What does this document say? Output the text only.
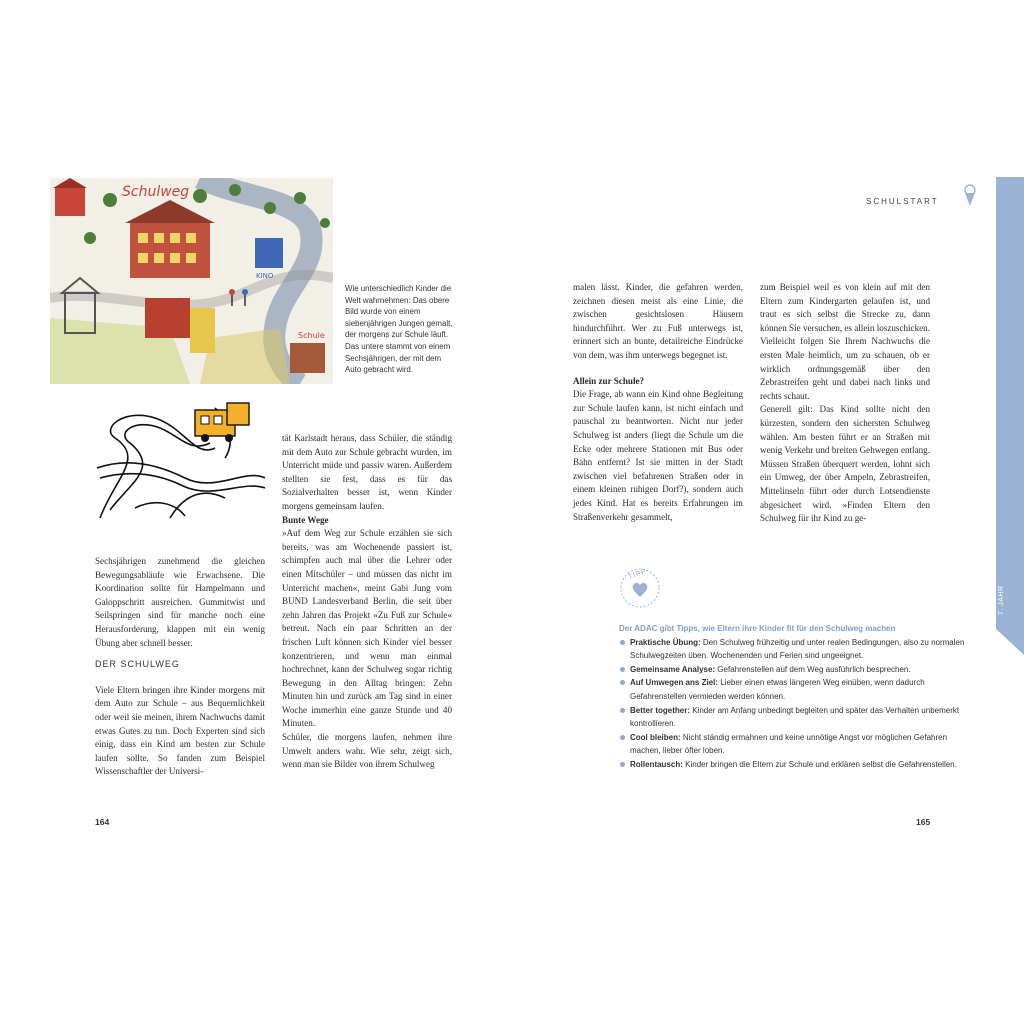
Schulweg
KINO
Schule
Wie unterschiedlich Kinder die Welt wahrnehmen: Das obere Bild wurde von einem siebenjährigen Jungen gemalt, der morgens zur Schule läuft. Das untere stammt von einem Sechsjährigen, der mit dem Auto gebracht wird.

Sechsjährigen zunehmend die gleichen Bewegungsabläufe wie Erwachsene. Die Koordination sollte für Hampelmann und Galoppschritt ausreichen. Gummitwist und Seilspringen sind für manche noch eine Herausforderung, klappen mit ein wenig Übung aber schnell besser.

DER SCHULWEG

Viele Eltern bringen ihre Kinder morgens mit dem Auto zur Schule – aus Bequemlichkeit oder weil sie meinen, ihrem Nachwuchs damit etwas Gutes zu tun. Doch Experten sind sich einig, dass ein Kind am besten zur Schule laufen sollte. So fanden zum Beispiel Wissenschaftler der Universi-

tät Karlstadt heraus, dass Schüler, die ständig mit dem Auto zur Schule gebracht wurden, im Unterricht müde und passiv waren. Außerdem stellten sie fest, dass es für das Sozialverhalten besser ist, wenn Kinder morgens gemeinsam laufen.

Bunte Wege

»Auf dem Weg zur Schule erzählen sie sich bereits, was am Wochenende passiert ist, schimpfen auch mal über die Lehrer oder einen Mitschüler – und müssen das nicht im Unterricht machen«, meint Gabi Jung vom BUND Landesverband Berlin, die seit über zehn Jahren das Projekt »Zu Fuß zur Schule« betreut. Nach ein paar Schritten an der frischen Luft können sich Kinder viel besser konzentrieren, und wenn man einmal hochrechnet, kann der Schulweg sogar richtig Bewegung in den Alltag bringen: Zehn Minuten hin und zurück am Tag sind in einer Woche immerhin eine ganze Stunde und 40 Minuten.

Schüler, die morgens laufen, nehmen ihre Umwelt anders wahr. Wie sehr, zeigt sich, wenn man sie Bilder von ihrem Schulweg

164
SCHULSTART
7. JAHR

malen lässt. Kinder, die gefahren werden, zeichnen diesen meist als eine Linie, die zwischen gesichtslosen Häusern hindurchführt. Wer zu Fuß unterwegs ist, erinnert sich an bunte, detailreiche Eindrücke von dem, was ihm unterwegs begegnet ist.

Allein zur Schule?

Die Frage, ab wann ein Kind ohne Begleitung zur Schule laufen kann, ist nicht einfach und pauschal zu beantworten. Nicht nur jeder Schulweg ist anders (liegt die Schule um die Ecke oder mehrere Stationen mit Bus oder Bahn entfernt? Ist sie mitten in der Stadt zwischen viel befahrenen Straßen oder in einem kleinen ruhigen Dorf?), sondern auch jedes Kind. Hat es bereits Erfahrungen im Straßenverkehr gesammelt,

zum Beispiel weil es von klein auf mit den Eltern zum Kindergarten gelaufen ist, und traut es sich selbst die Strecke zu, dann können Sie versuchen, es allein loszuschicken. Vielleicht folgen Sie Ihrem Nachwuchs die ersten Male heimlich, um zu schauen, ob er wirklich ordnungsgemäß über den Zebrastreifen geht und dabei nach links und rechts schaut.

Generell gilt: Das Kind sollte nicht den kürzesten, sondern den sichersten Schulweg wählen. Am besten führt er an Straßen mit wenig Verkehr und breiten Gehwegen entlang. Müssen Straßen überquert werden, lohnt sich ein Umweg, der über Ampeln, Zebrastreifen, Mittelinseln führt oder durch Lotsendienste abgesichert wird. »Finden Eltern den Schulweg für ihr Kind zu ge-

TIPP
Der ADAC gibt Tipps, wie Eltern ihre Kinder fit für den Schulweg machen
Praktische Übung: Den Schulweg frühzeitig und unter realen Bedingungen, also zu normalen Schulwegzeiten üben. Wochenenden und Ferien sind ungeeignet.
Gemeinsame Analyse: Gefahrenstellen auf dem Weg ausführlich besprechen.
Auf Umwegen ans Ziel: Lieber einen etwas längeren Weg einüben, wenn dadurch Gefahrenstellen vermieden werden können.
Better together: Kinder am Anfang unbedingt begleiten und später das Verhalten unbemerkt kontrollieren.
Cool bleiben: Nicht ständig ermahnen und keine unnötige Angst vor möglichen Gefahren machen, lieber öfter loben.
Rollentausch: Kinder bringen die Eltern zur Schule und erklären selbst die Gefahrenstellen.
165
